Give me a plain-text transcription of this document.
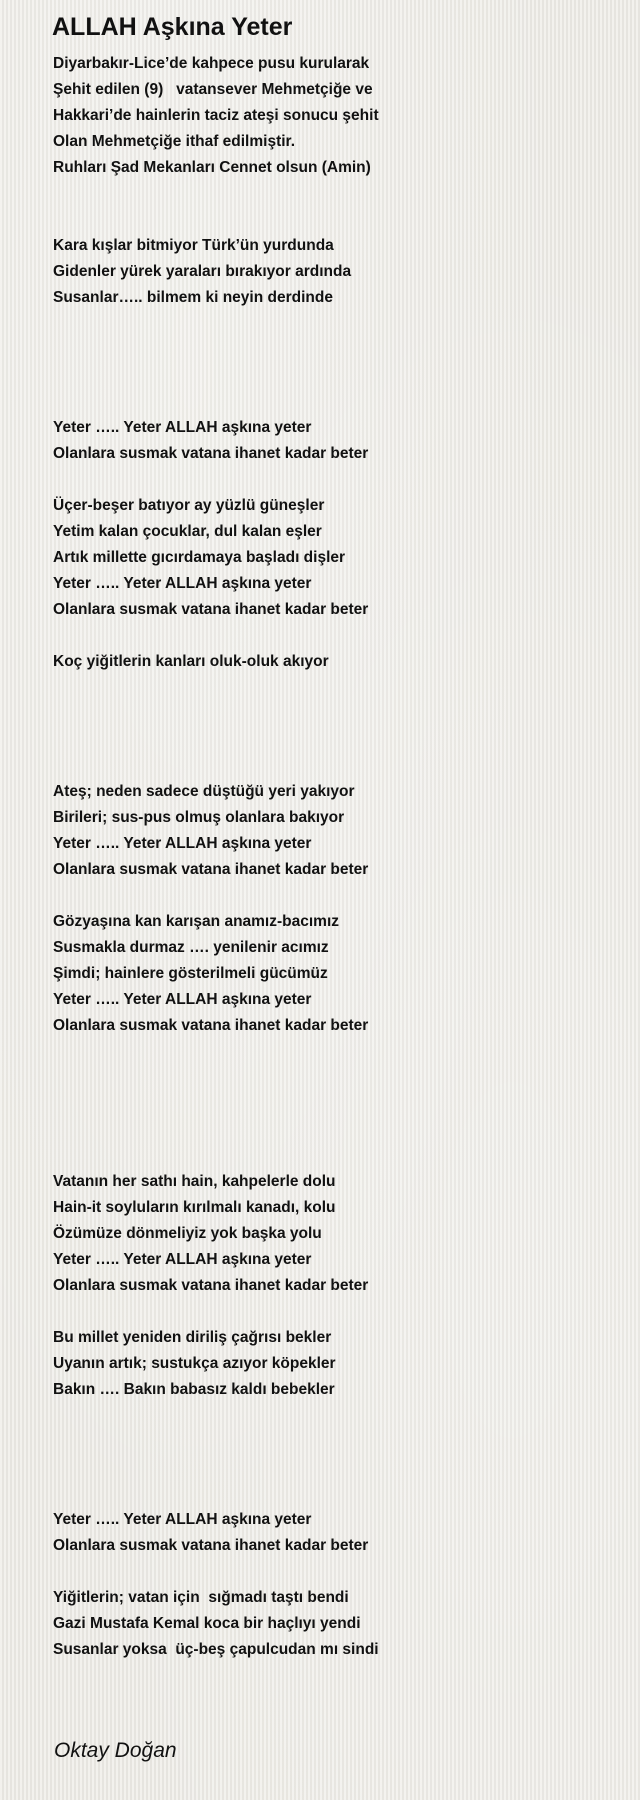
ALLAH Aşkına Yeter
Diyarbakır-Lice’de kahpece pusu kurularak
Şehit edilen (9)   vatansever Mehmetçiğe ve
Hakkari’de hainlerin taciz ateşi sonucu şehit
Olan Mehmetçiğe ithaf edilmiştir.
Ruhları Şad Mekanları Cennet olsun (Amin)
Kara kışlar bitmiyor Türk’ün yurdunda
Gidenler yürek yaraları bırakıyor ardında
Susanlar….. bilmem ki neyin derdinde
Yeter ….. Yeter ALLAH aşkına yeter
Olanlara susmak vatana ihanet kadar beter
Üçer-beşer batıyor ay yüzlü güneşler
Yetim kalan çocuklar, dul kalan eşler
Artık millette gıcırdamaya başladı dişler
Yeter ….. Yeter ALLAH aşkına yeter
Olanlara susmak vatana ihanet kadar beter
Koç yiğitlerin kanları oluk-oluk akıyor
Ateş; neden sadece düştüğü yeri yakıyor
Birileri; sus-pus olmuş olanlara bakıyor
Yeter ….. Yeter ALLAH aşkına yeter
Olanlara susmak vatana ihanet kadar beter
Gözyaşına kan karışan anamız-bacımız
Susmakla durmaz …. yenilenir acımız
Şimdi; hainlere gösterilmeli gücümüz
Yeter ….. Yeter ALLAH aşkına yeter
Olanlara susmak vatana ihanet kadar beter
Vatanın her sathı hain, kahpelerle dolu
Hain-it soyluların kırılmalı kanadı, kolu
Özümüze dönmeliyiz yok başka yolu
Yeter ….. Yeter ALLAH aşkına yeter
Olanlara susmak vatana ihanet kadar beter
Bu millet yeniden diriliş çağrısı bekler
Uyanın artık; sustukça azıyor köpekler
Bakın …. Bakın babasız kaldı bebekler
Yeter ….. Yeter ALLAH aşkına yeter
Olanlara susmak vatana ihanet kadar beter
Yiğitlerin; vatan için  sığmadı taştı bendi
Gazi Mustafa Kemal koca bir haçlıyı yendi
Susanlar yoksa  üç-beş çapulcudan mı sindi
Oktay Doğan
